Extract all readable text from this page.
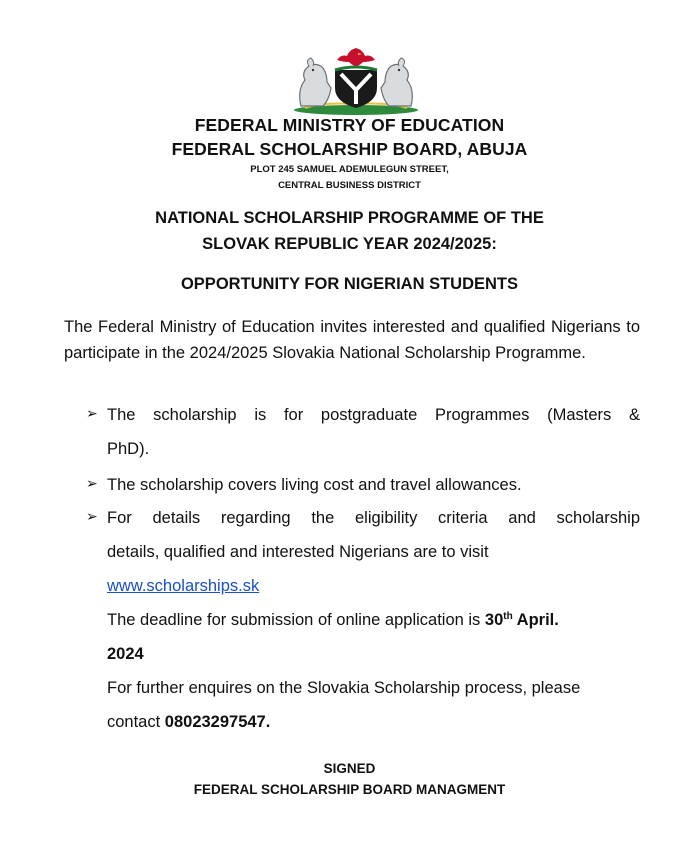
FEDERAL MINISTRY OF EDUCATION
FEDERAL SCHOLARSHIP BOARD, ABUJA
PLOT 245 SAMUEL ADEMULEGUN STREET,
CENTRAL BUSINESS DISTRICT
NATIONAL SCHOLARSHIP PROGRAMME OF THE
SLOVAK REPUBLIC YEAR 2024/2025:
OPPORTUNITY FOR NIGERIAN STUDENTS
The Federal Ministry of Education invites interested and qualified Nigerians to participate in the 2024/2025 Slovakia National Scholarship Programme.
➢ The scholarship is for postgraduate Programmes (Masters &
PhD).
➢ The scholarship covers living cost and travel allowances.
➢ For details regarding the eligibility criteria and scholarship
details, qualified and interested Nigerians are to visit
www.scholarships.sk
The deadline for submission of online application is 30th April.
2024
For further enquires on the Slovakia Scholarship process, please
contact 08023297547.
SIGNED
FEDERAL SCHOLARSHIP BOARD MANAGMENT
